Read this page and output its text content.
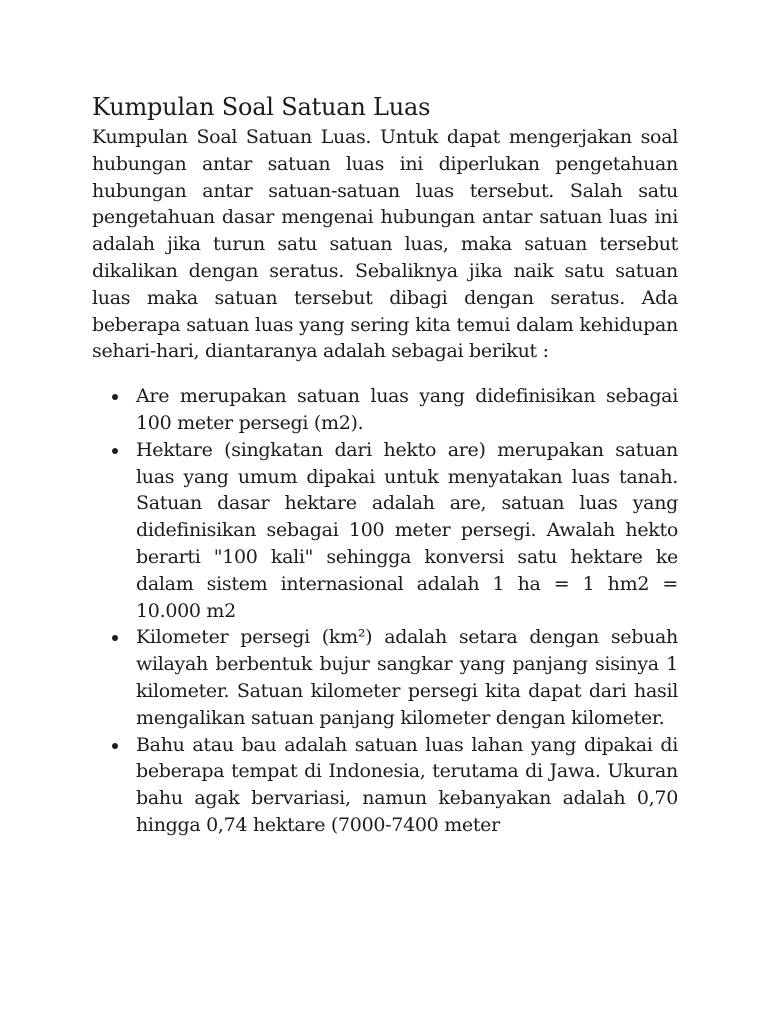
Kumpulan Soal Satuan Luas

Kumpulan Soal Satuan Luas. Untuk dapat mengerjakan soal hubungan antar satuan luas ini diperlukan pengetahuan hubungan antar satuan-satuan luas tersebut. Salah satu pengetahuan dasar mengenai hubungan antar satuan luas ini adalah jika turun satu satuan luas, maka satuan tersebut dikalikan dengan seratus. Sebaliknya jika naik satu satuan luas maka satuan tersebut dibagi dengan seratus. Ada beberapa satuan luas yang sering kita temui dalam kehidupan sehari-hari, diantaranya adalah sebagai berikut :

Are merupakan satuan luas yang didefinisikan sebagai 100 meter persegi (m2).
Hektare (singkatan dari hekto are) merupakan satuan luas yang umum dipakai untuk menyatakan luas tanah. Satuan dasar hektare adalah are, satuan luas yang didefinisikan sebagai 100 meter persegi. Awalah hekto berarti "100 kali" sehingga konversi satu hektare ke dalam sistem internasional adalah 1 ha = 1 hm2 = 10.000 m2
Kilometer persegi (km²) adalah setara dengan sebuah wilayah berbentuk bujur sangkar yang panjang sisinya 1 kilometer. Satuan kilometer persegi kita dapat dari hasil mengalikan satuan panjang kilometer dengan kilometer.
Bahu atau bau adalah satuan luas lahan yang dipakai di beberapa tempat di Indonesia, terutama di Jawa. Ukuran bahu agak bervariasi, namun kebanyakan adalah 0,70 hingga 0,74 hektare (7000-7400 meter
